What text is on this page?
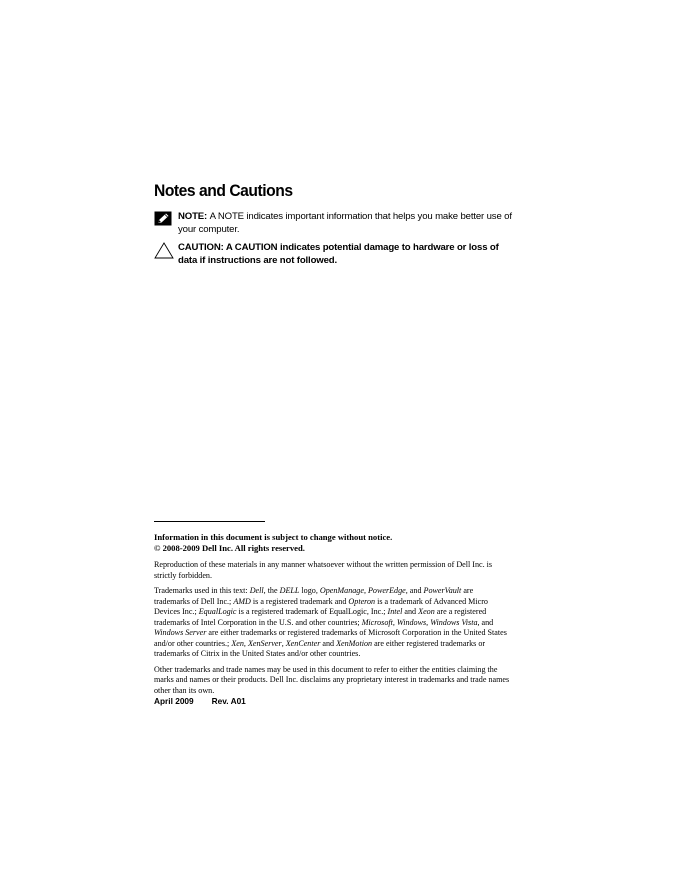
Notes and Cautions
NOTE: A NOTE indicates important information that helps you make better use of your computer.
CAUTION: A CAUTION indicates potential damage to hardware or loss of data if instructions are not followed.

Information in this document is subject to change without notice.

© 2008-2009 Dell Inc. All rights reserved.

Reproduction of these materials in any manner whatsoever without the written permission of Dell Inc. is strictly forbidden.

Trademarks used in this text: Dell, the DELL logo, OpenManage, PowerEdge, and PowerVault are trademarks of Dell Inc.; AMD is a registered trademark and Opteron is a trademark of Advanced Micro Devices Inc.; EqualLogic is a registered trademark of EqualLogic, Inc.; Intel and Xeon are a registered trademarks of Intel Corporation in the U.S. and other countries; Microsoft, Windows, Windows Vista, and Windows Server are either trademarks or registered trademarks of Microsoft Corporation in the United States and/or other countries.; Xen, XenServer, XenCenter and XenMotion are either registered trademarks or trademarks of Citrix in the United States and/or other countries.

Other trademarks and trade names may be used in this document to refer to either the entities claiming the marks and names or their products. Dell Inc. disclaims any proprietary interest in trademarks and trade names other than its own.

April 2009 Rev. A01
